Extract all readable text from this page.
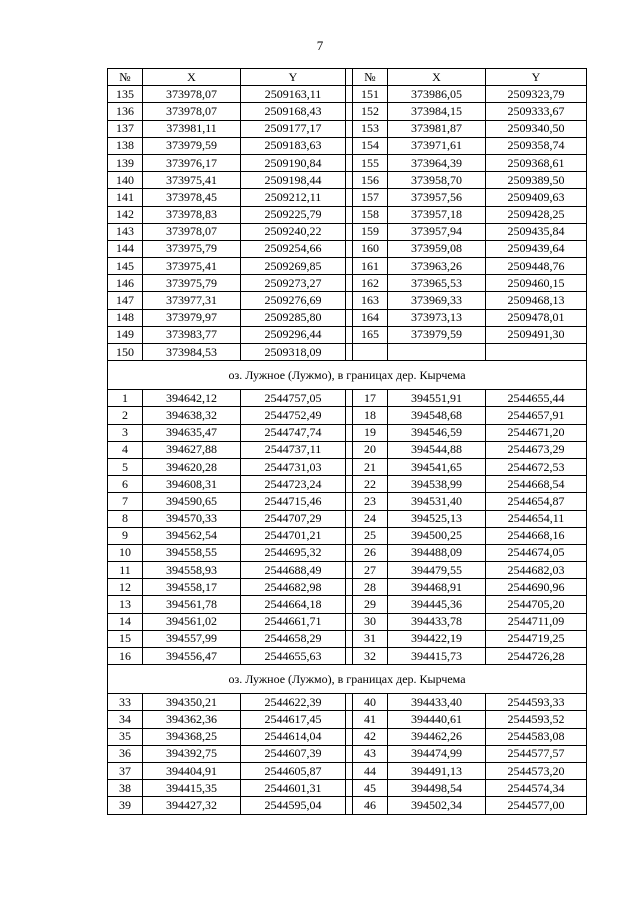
7
№	X	Y		№	X	Y
135	373978,07	2509163,11		151	373986,05	2509323,79
136	373978,07	2509168,43		152	373984,15	2509333,67
137	373981,11	2509177,17		153	373981,87	2509340,50
138	373979,59	2509183,63		154	373971,61	2509358,74
139	373976,17	2509190,84		155	373964,39	2509368,61
140	373975,41	2509198,44		156	373958,70	2509389,50
141	373978,45	2509212,11		157	373957,56	2509409,63
142	373978,83	2509225,79		158	373957,18	2509428,25
143	373978,07	2509240,22		159	373957,94	2509435,84
144	373975,79	2509254,66		160	373959,08	2509439,64
145	373975,41	2509269,85		161	373963,26	2509448,76
146	373975,79	2509273,27		162	373965,53	2509460,15
147	373977,31	2509276,69		163	373969,33	2509468,13
148	373979,97	2509285,80		164	373973,13	2509478,01
149	373983,77	2509296,44		165	373979,59	2509491,30
150	373984,53	2509318,09				
оз. Лужное (Лужмо), в границах дер. Кырчема						
1	394642,12	2544757,05		17	394551,91	2544655,44
2	394638,32	2544752,49		18	394548,68	2544657,91
3	394635,47	2544747,74		19	394546,59	2544671,20
4	394627,88	2544737,11		20	394544,88	2544673,29
5	394620,28	2544731,03		21	394541,65	2544672,53
6	394608,31	2544723,24		22	394538,99	2544668,54
7	394590,65	2544715,46		23	394531,40	2544654,87
8	394570,33	2544707,29		24	394525,13	2544654,11
9	394562,54	2544701,21		25	394500,25	2544668,16
10	394558,55	2544695,32		26	394488,09	2544674,05
11	394558,93	2544688,49		27	394479,55	2544682,03
12	394558,17	2544682,98		28	394468,91	2544690,96
13	394561,78	2544664,18		29	394445,36	2544705,20
14	394561,02	2544661,71		30	394433,78	2544711,09
15	394557,99	2544658,29		31	394422,19	2544719,25
16	394556,47	2544655,63		32	394415,73	2544726,28
оз. Лужное (Лужмо), в границах дер. Кырчема						
33	394350,21	2544622,39		40	394433,40	2544593,33
34	394362,36	2544617,45		41	394440,61	2544593,52
35	394368,25	2544614,04		42	394462,26	2544583,08
36	394392,75	2544607,39		43	394474,99	2544577,57
37	394404,91	2544605,87		44	394491,13	2544573,20
38	394415,35	2544601,31		45	394498,54	2544574,34
39	394427,32	2544595,04		46	394502,34	2544577,00
